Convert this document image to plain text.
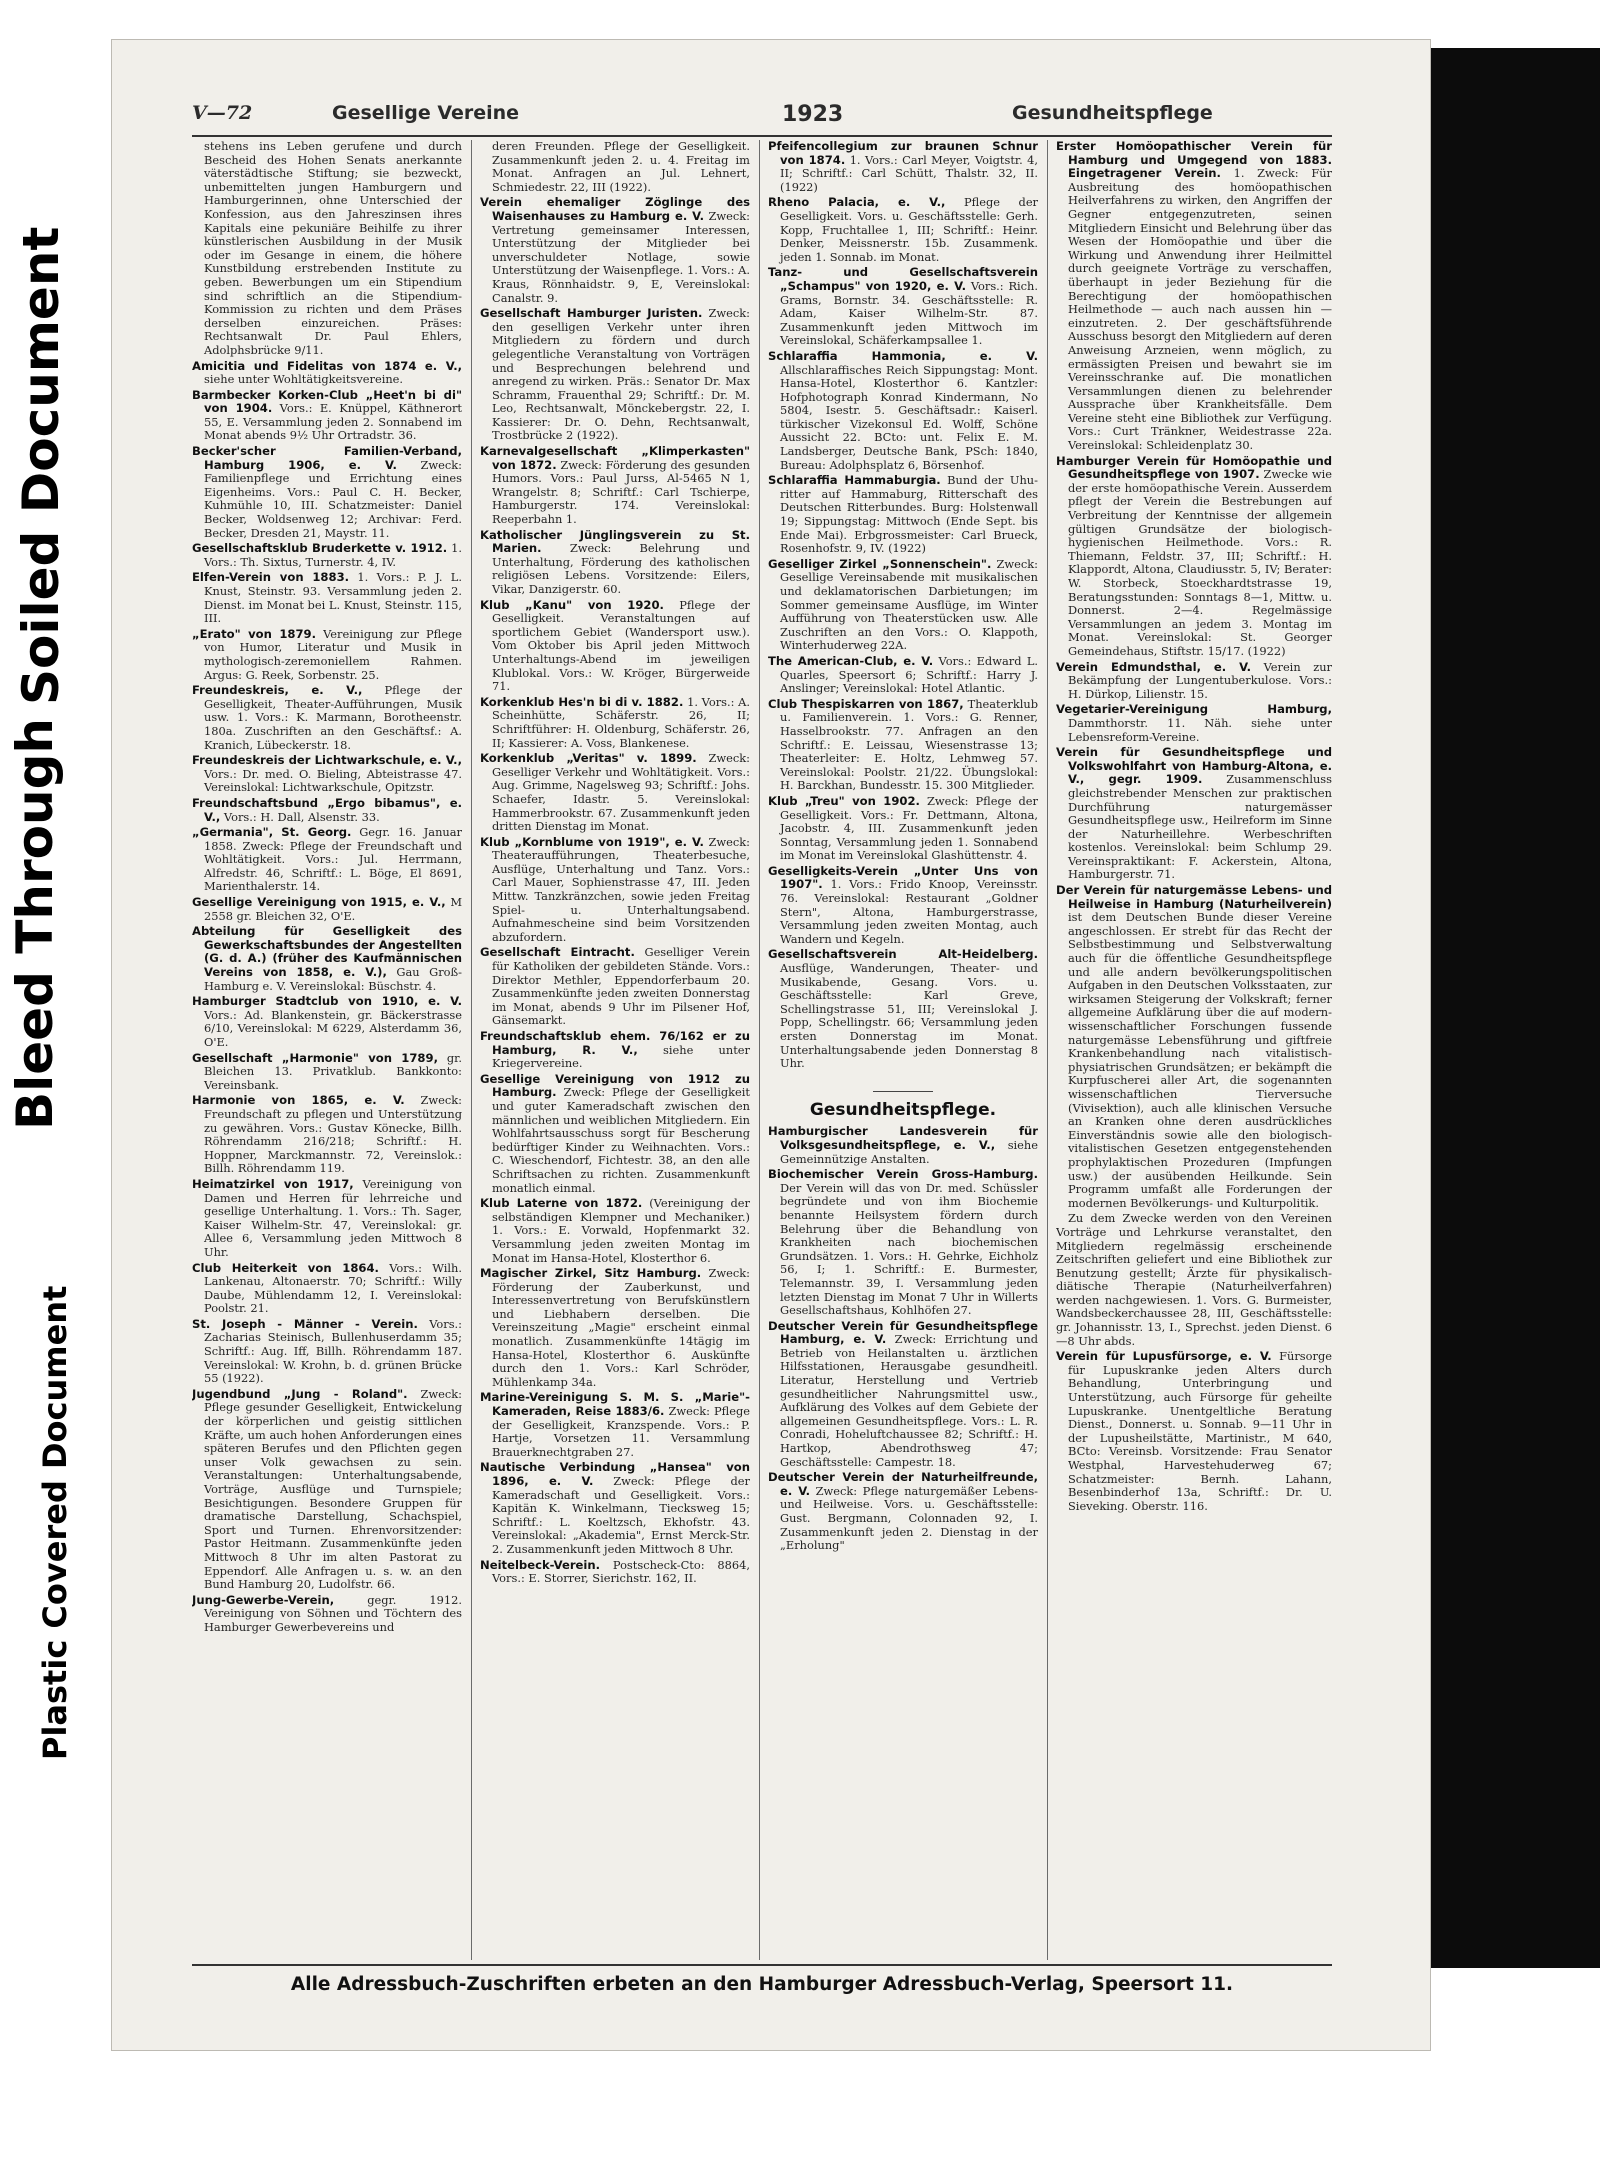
Bleed Through
Soiled Document
Plastic Covered Document
V—72	Gesellige Vereine	1923	Gesundheitspflege
stehens ins Leben gerufene und durch Bescheid des Hohen Senats anerkannte väterstädtische Stiftung; sie bezweckt, unbemittelten jungen Hamburgern und Hamburgerinnen, ohne Unterschied der Konfession, aus den Jahreszinsen ihres Kapitals eine pekuniäre Beihilfe zu ihrer künstlerischen Ausbildung in der Musik oder im Gesange in einem, die höhere Kunstbildung erstrebenden Institute zu geben. Bewerbungen um ein Stipendium sind schriftlich an die Stipendium-Kommission zu richten und dem Präses derselben einzureichen. Präses: Rechtsanwalt Dr. Paul Ehlers, Adolphsbrücke 9/11.
Amicitia und Fidelitas von 1874 e. V., siehe unter Wohltätigkeitsvereine.
Barmbecker Korken-Club „Heet'n bi di" von 1904. Vors.: E. Knüppel, Käthnerort 55, E. Versammlung jeden 2. Sonnabend im Monat abends 9½ Uhr Ortradstr. 36.
Becker'scher Familien-Verband, Hamburg 1906, e. V. Zweck: Familienpflege und Errichtung eines Eigenheims. Vors.: Paul C. H. Becker, Kuhmühle 10, III. Schatzmeister: Daniel Becker, Woldsenweg 12; Archivar: Ferd. Becker, Dresden 21, Maystr. 11.
Gesellschaftsklub Bruderkette v. 1912. 1. Vors.: Th. Sixtus, Turnerstr. 4, IV.
Elfen-Verein von 1883. 1. Vors.: P. J. L. Knust, Steinstr. 93. Versammlung jeden 2. Dienst. im Monat bei L. Knust, Steinstr. 115, III.
„Erato" von 1879. Vereinigung zur Pflege von Humor, Literatur und Musik in mythologisch-zeremoniellem Rahmen. Argus: G. Reek, Sorbenstr. 25.
Freundeskreis, e. V., Pflege der Geselligkeit, Theater-Aufführungen, Musik usw. 1. Vors.: K. Marmann, Borotheenstr. 180a. Zuschriften an den Geschäftsf.: A. Kranich, Lübeckerstr. 18.
Freundeskreis der Lichtwarkschule, e. V., Vors.: Dr. med. O. Bieling, Abteistrasse 47. Vereinslokal: Lichtwarkschule, Opitzstr.
Freundschaftsbund „Ergo bibamus", e. V., Vors.: H. Dall, Alsenstr. 33.
„Germania", St. Georg. Gegr. 16. Januar 1858. Zweck: Pflege der Freundschaft und Wohltätigkeit. Vors.: Jul. Herrmann, Alfredstr. 46, Schriftf.: L. Böge, El 8691, Marienthalerstr. 14.
Gesellige Vereinigung von 1915, e. V., M 2558 gr. Bleichen 32, O'E.
Abteilung für Geselligkeit des Gewerkschaftsbundes der Angestellten (G. d. A.) (früher des Kaufmännischen Vereins von 1858, e. V.), Gau Groß-Hamburg e. V. Vereinslokal: Büschstr. 4.
Hamburger Stadtclub von 1910, e. V. Vors.: Ad. Blankenstein, gr. Bäckerstrasse 6/10, Vereinslokal: M 6229, Alsterdamm 36, O'E.
Gesellschaft „Harmonie" von 1789, gr. Bleichen 13. Privatklub. Bankkonto: Vereinsbank.
Harmonie von 1865, e. V. Zweck: Freundschaft zu pflegen und Unterstützung zu gewähren. Vors.: Gustav Könecke, Billh. Röhrendamm 216/218; Schriftf.: H. Hoppner, Marckmannstr. 72, Vereinslok.: Billh. Röhrendamm 119.
Heimatzirkel von 1917, Vereinigung von Damen und Herren für lehrreiche und gesellige Unterhaltung. 1. Vors.: Th. Sager, Kaiser Wilhelm-Str. 47, Vereinslokal: gr. Allee 6, Versammlung jeden Mittwoch 8 Uhr.
Club Heiterkeit von 1864. Vors.: Wilh. Lankenau, Altonaerstr. 70; Schriftf.: Willy Daube, Mühlendamm 12, I. Vereinslokal: Poolstr. 21.
St. Joseph - Männer - Verein. Vors.: Zacharias Steinisch, Bullenhuserdamm 35; Schriftf.: Aug. Iff, Billh. Röhrendamm 187. Vereinslokal: W. Krohn, b. d. grünen Brücke 55 (1922).
Jugendbund „Jung - Roland". Zweck: Pflege gesunder Geselligkeit, Entwickelung der körperlichen und geistig sittlichen Kräfte, um auch hohen Anforderungen eines späteren Berufes und den Pflichten gegen unser Volk gewachsen zu sein. Veranstaltungen: Unterhaltungsabende, Vorträge, Ausflüge und Turnspiele; Besichtigungen. Besondere Gruppen für dramatische Darstellung, Schachspiel, Sport und Turnen. Ehrenvorsitzender: Pastor Heitmann. Zusammenkünfte jeden Mittwoch 8 Uhr im alten Pastorat zu Eppendorf. Alle Anfragen u. s. w. an den Bund Hamburg 20, Ludolfstr. 66.
Jung-Gewerbe-Verein,	gegr. 1912. Vereinigung von Söhnen und Töchtern des Hamburger Gewerbevereins und
deren Freunden. Pflege der Geselligkeit. Zusammenkunft jeden 2. u. 4. Freitag im Monat. Anfragen an Jul. Lehnert, Schmiedestr. 22, III (1922).
Verein ehemaliger Zöglinge des Waisenhauses zu Hamburg e. V. Zweck: Vertretung gemeinsamer Interessen, Unterstützung der Mitglieder bei unverschuldeter Notlage, sowie Unterstützung der Waisenpflege. 1. Vors.: A. Kraus, Rönnhaidstr. 9, E, Vereinslokal: Canalstr. 9.
Gesellschaft Hamburger Juristen. Zweck: den geselligen Verkehr unter ihren Mitgliedern zu fördern und durch gelegentliche Veranstaltung von Vorträgen und Besprechungen belehrend und anregend zu wirken. Präs.: Senator Dr. Max Schramm, Frauenthal 29; Schriftf.: Dr. M. Leo, Rechtsanwalt, Mönckebergstr. 22, I. Kassierer: Dr. O. Dehn, Rechtsanwalt, Trostbrücke 2 (1922).
Karnevalgesellschaft „Klimperkasten" von 1872. Zweck: Förderung des gesunden Humors. Vors.: Paul Jurss, Al-5465 N 1, Wrangelstr. 8; Schriftf.: Carl Tschierpe, Hamburgerstr. 174. Vereinslokal: Reeperbahn 1.
Katholischer Jünglingsverein zu St. Marien. Zweck: Belehrung und Unterhaltung, Förderung des katholischen religiösen Lebens. Vorsitzende: Eilers, Vikar, Danzigerstr. 60.
Klub „Kanu" von 1920. Pflege der Geselligkeit. Veranstaltungen auf sportlichem Gebiet (Wandersport usw.). Vom Oktober bis April jeden Mittwoch Unterhaltungs-Abend im jeweiligen Klublokal. Vors.: W. Kröger, Bürgerweide 71.
Korkenklub Hes'n bi di v. 1882. 1. Vors.: A. Scheinhütte, Schäferstr. 26, II; Schriftführer: H. Oldenburg, Schäferstr. 26, II; Kassierer: A. Voss, Blankenese.
Korkenklub „Veritas" v. 1899. Zweck: Geselliger Verkehr und Wohltätigkeit. Vors.: Aug. Grimme, Nagelsweg 93; Schriftf.: Johs. Schaefer, Idastr. 5. Vereinslokal: Hammerbrookstr. 67. Zusammenkunft jeden dritten Dienstag im Monat.
Klub „Kornblume von 1919", e. V. Zweck: Theateraufführungen, Theaterbesuche, Ausflüge, Unterhaltung und Tanz. Vors.: Carl Mauer, Sophienstrasse 47, III. Jeden Mittw. Tanzkränzchen, sowie jeden Freitag Spiel- u. Unterhaltungsabend. Aufnahmescheine sind beim Vorsitzenden abzufordern.
Gesellschaft Eintracht. Geselliger Verein für Katholiken der gebildeten Stände. Vors.: Direktor Methler, Eppendorferbaum 20. Zusammenkünfte jeden zweiten Donnerstag im Monat, abends 9 Uhr im Pilsener Hof, Gänsemarkt.
Freundschaftsklub ehem. 76/162 er zu Hamburg, R. V., siehe unter Kriegervereine.
Gesellige Vereinigung von 1912 zu Hamburg. Zweck: Pflege der Geselligkeit und guter Kameradschaft zwischen den männlichen und weiblichen Mitgliedern. Ein Wohlfahrtsausschuss sorgt für Bescherung bedürftiger Kinder zu Weihnachten. Vors.: C. Wieschendorf, Fichtestr. 38, an den alle Schriftsachen zu richten. Zusammenkunft monatlich einmal.
Klub Laterne von 1872. (Vereinigung der selbständigen Klempner und Mechaniker.) 1. Vors.: E. Vorwald, Hopfenmarkt 32. Versammlung jeden zweiten Montag im Monat im Hansa-Hotel, Klosterthor 6.
Magischer Zirkel, Sitz Hamburg. Zweck: Förderung der Zauberkunst, und Interessenvertretung von Berufskünstlern und Liebhabern derselben. Die Vereinszeitung „Magie" erscheint einmal monatlich. Zusammenkünfte 14tägig im Hansa-Hotel, Klosterthor 6. Auskünfte durch den 1. Vors.: Karl Schröder, Mühlenkamp 34a.
Marine-Vereinigung S. M. S. „Marie"-Kameraden, Reise 1883/6. Zweck: Pflege der Geselligkeit, Kranzspende. Vors.: P. Hartje, Vorsetzen 11. Versammlung Brauerknechtgraben 27.
Nautische Verbindung „Hansea" von 1896, e. V. Zweck: Pflege der Kameradschaft und Geselligkeit. Vors.: Kapitän K. Winkelmann, Tiecksweg 15; Schriftf.: L. Koeltzsch, Ekhofstr. 43. Vereinslokal: „Akademia", Ernst Merck-Str. 2. Zusammenkunft jeden Mittwoch 8 Uhr.
Neitelbeck-Verein. Postscheck-Cto: 8864, Vors.: E. Storrer, Sierichstr. 162, II.
Pfeifencollegium zur braunen Schnur von 1874. 1. Vors.: Carl Meyer, Voigtstr. 4, II; Schriftf.: Carl Schütt, Thalstr. 32, II. (1922)
Rheno Palacia, e. V., Pflege der Geselligkeit. Vors. u. Geschäftsstelle: Gerh. Kopp, Fruchtallee 1, III; Schriftf.: Heinr. Denker, Meissnerstr. 15b. Zusammenk. jeden 1. Sonnab. im Monat.
Tanz- und Gesellschaftsverein „Schampus" von 1920, e. V. Vors.: Rich. Grams, Bornstr. 34. Geschäftsstelle: R. Adam, Kaiser Wilhelm-Str. 87. Zusammenkunft jeden Mittwoch im Vereinslokal, Schäferkampsallee 1.
Schlaraffia Hammonia, e. V. Allschlaraffisches Reich Sippungstag: Mont. Hansa-Hotel, Klosterthor 6. Kantzler: Hofphotograph Konrad Kindermann, No 5804, Isestr. 5. Geschäftsadr.: Kaiserl. türkischer Vizekonsul Ed. Wolff, Schöne Aussicht 22. BCto: unt. Felix E. M. Landsberger, Deutsche Bank, PSch: 1840, Bureau: Adolphsplatz 6, Börsenhof.
Schlaraffia Hammaburgia. Bund der Uhu-ritter auf Hammaburg, Ritterschaft des Deutschen Ritterbundes. Burg: Holstenwall 19; Sippungstag: Mittwoch (Ende Sept. bis Ende Mai). Erbgrossmeister: Carl Brueck, Rosenhofstr. 9, IV. (1922)
Geselliger Zirkel „Sonnenschein". Zweck: Gesellige Vereinsabende mit musikalischen und deklamatorischen Darbietungen; im Sommer gemeinsame Ausflüge, im Winter Aufführung von Theaterstücken usw. Alle Zuschriften an den Vors.: O. Klappoth, Winterhuderweg 22A.
The American-Club, e. V. Vors.: Edward L. Quarles, Speersort 6; Schriftf.: Harry J. Anslinger; Vereinslokal: Hotel Atlantic.
Club Thespiskarren von 1867, Theaterklub u. Familienverein. 1. Vors.: G. Renner, Hasselbrookstr. 77. Anfragen an den Schriftf.: E. Leissau, Wiesenstrasse 13; Theaterleiter: E. Holtz, Lehmweg 57. Vereinslokal: Poolstr. 21/22. Übungslokal: H. Barckhan, Bundesstr. 15. 300 Mitglieder.
Klub „Treu" von 1902. Zweck: Pflege der Geselligkeit. Vors.: Fr. Dettmann, Altona, Jacobstr. 4, III. Zusammenkunft jeden Sonntag, Versammlung jeden 1. Sonnabend im Monat im Vereinslokal Glashüttenstr. 4.
Geselligkeits-Verein „Unter Uns von 1907". 1. Vors.: Frido Knoop, Vereinsstr. 76. Vereinslokal: Restaurant „Goldner Stern", Altona, Hamburgerstrasse, Versammlung jeden zweiten Montag, auch Wandern und Kegeln.
Gesellschaftsverein Alt-Heidelberg. Ausflüge, Wanderungen, Theater- und Musikabende, Gesang. Vors. u. Geschäftsstelle: Karl Greve, Schellingstrasse 51, III; Vereinslokal J. Popp, Schellingstr. 66; Versammlung jeden ersten Donnerstag im Monat. Unterhaltungsabende jeden Donnerstag 8 Uhr.
Gesundheitspflege.
Hamburgischer Landesverein für Volksgesundheitspflege, e. V., siehe Gemeinnützige Anstalten.
Biochemischer Verein Gross-Hamburg. Der Verein will das von Dr. med. Schüssler begründete und von ihm Biochemie benannte Heilsystem fördern durch Belehrung über die Behandlung von Krankheiten nach biochemischen Grundsätzen. 1. Vors.: H. Gehrke, Eichholz 56, I; 1. Schriftf.: E. Burmester, Telemannstr. 39, I. Versammlung jeden letzten Dienstag im Monat 7 Uhr in Willerts Gesellschaftshaus, Kohlhöfen 27.
Deutscher Verein für Gesundheitspflege Hamburg, e. V. Zweck: Errichtung und Betrieb von Heilanstalten u. ärztlichen Hilfsstationen, Herausgabe gesundheitl. Literatur, Herstellung und Vertrieb gesundheitlicher Nahrungsmittel usw., Aufklärung des Volkes auf dem Gebiete der allgemeinen Gesundheitspflege. Vors.: L. R. Conradi, Hoheluftchaussee 82; Schriftf.: H. Hartkop, Abendrothsweg 47; Geschäftsstelle: Campestr. 18.
Deutscher Verein der Naturheilfreunde, e. V. Zweck: Pflege naturgemäßer Lebens- und Heilweise. Vors. u. Geschäftsstelle: Gust. Bergmann, Colonnaden 92, I. Zusammenkunft jeden 2. Dienstag in der „Erholung"
Erster Homöopathischer Verein für Hamburg und Umgegend von 1883. Eingetragener Verein. 1. Zweck: Für Ausbreitung des homöopathischen Heilverfahrens zu wirken, den Angriffen der Gegner entgegenzutreten, seinen Mitgliedern Einsicht und Belehrung über das Wesen der Homöopathie und über die Wirkung und Anwendung ihrer Heilmittel durch geeignete Vorträge zu verschaffen, überhaupt in jeder Beziehung für die Berechtigung der homöopathischen Heilmethode — auch nach aussen hin — einzutreten. 2. Der geschäftsführende Ausschuss besorgt den Mitgliedern auf deren Anweisung Arzneien, wenn möglich, zu ermässigten Preisen und bewahrt sie im Vereinsschranke auf. Die monatlichen Versammlungen dienen zu belehrender Aussprache über Krankheitsfälle. Dem Vereine steht eine Bibliothek zur Verfügung. Vors.: Curt Tränkner, Weidestrasse 22a. Vereinslokal: Schleidenplatz 30.
Hamburger Verein für Homöopathie und Gesundheitspflege von 1907. Zwecke wie der erste homöopathische Verein. Ausserdem pflegt der Verein die Bestrebungen auf Verbreitung der Kenntnisse der allgemein gültigen Grundsätze der biologisch-hygienischen Heilmethode. Vors.: R. Thiemann, Feldstr. 37, III; Schriftf.: H. Klappordt, Altona, Claudiusstr. 5, IV; Berater: W. Storbeck, Stoeckhardtstrasse 19, Beratungsstunden: Sonntags 8—1, Mittw. u. Donnerst. 2—4. Regelmässige Versammlungen an jedem 3. Montag im Monat. Vereinslokal: St. Georger Gemeindehaus, Stiftstr. 15/17. (1922)
Verein Edmundsthal, e. V. Verein zur Bekämpfung der Lungentuberkulose. Vors.: H. Dürkop, Lilienstr. 15.
Vegetarier-Vereinigung Hamburg, Dammthorstr. 11. Näh. siehe unter Lebensreform-Vereine.
Verein für Gesundheitspflege und Volkswohlfahrt von Hamburg-Altona, e. V., gegr. 1909. Zusammenschluss gleichstrebender Menschen zur praktischen Durchführung naturgemässer Gesundheitspflege usw., Heilreform im Sinne der Naturheillehre. Werbeschriften kostenlos. Vereinslokal: beim Schlump 29. Vereinspraktikant: F. Ackerstein, Altona, Hamburgerstr. 71.
Der Verein für naturgemässe Lebens- und Heilweise in Hamburg (Naturheilverein) ist dem Deutschen Bunde dieser Vereine angeschlossen. Er strebt für das Recht der Selbstbestimmung und Selbstverwaltung auch für die öffentliche Gesundheitspflege und alle andern bevölkerungspolitischen Aufgaben in den Deutschen Volksstaaten, zur wirksamen Steigerung der Volkskraft; ferner allgemeine Aufklärung über die auf modern-wissenschaftlicher Forschungen fussende naturgemässe Lebensführung und giftfreie Krankenbehandlung nach vitalistisch-physiatrischen Grundsätzen; er bekämpft die Kurpfuscherei aller Art, die sogenannten wissenschaftlichen Tierversuche (Vivisektion), auch alle klinischen Versuche an Kranken ohne deren ausdrückliches Einverständnis sowie alle den biologisch-vitalistischen Gesetzen entgegenstehenden prophylaktischen Prozeduren (Impfungen usw.) der ausübenden Heilkunde. Sein Programm umfaßt alle Forderungen der modernen Bevölkerungs- und Kulturpolitik.
Zu dem Zwecke werden von den Vereinen Vorträge und Lehrkurse veranstaltet, den Mitgliedern regelmässig erscheinende Zeitschriften geliefert und eine Bibliothek zur Benutzung gestellt; Ärzte für physikalisch-diätische Therapie (Naturheilverfahren) werden nachgewiesen. 1. Vors. G. Burmeister, Wandsbeckerchaussee 28, III, Geschäftsstelle: gr. Johannisstr. 13, I., Sprechst. jeden Dienst. 6—8 Uhr abds.
Verein für Lupusfürsorge, e. V. Fürsorge für Lupuskranke jeden Alters durch Behandlung, Unterbringung und Unterstützung, auch Fürsorge für geheilte Lupuskranke. Unentgeltliche Beratung Dienst., Donnerst. u. Sonnab. 9—11 Uhr in der Lupusheilstätte, Martinistr., M 640, BCto: Vereinsb. Vorsitzende: Frau Senator Westphal, Harvestehuderweg 67; Schatzmeister: Bernh. Lahann, Besenbinderhof 13a, Schriftf.: Dr. U. Sieveking. Oberstr. 116.
Alle Adressbuch-Zuschriften erbeten an den Hamburger Adressbuch-Verlag, Speersort 11.
